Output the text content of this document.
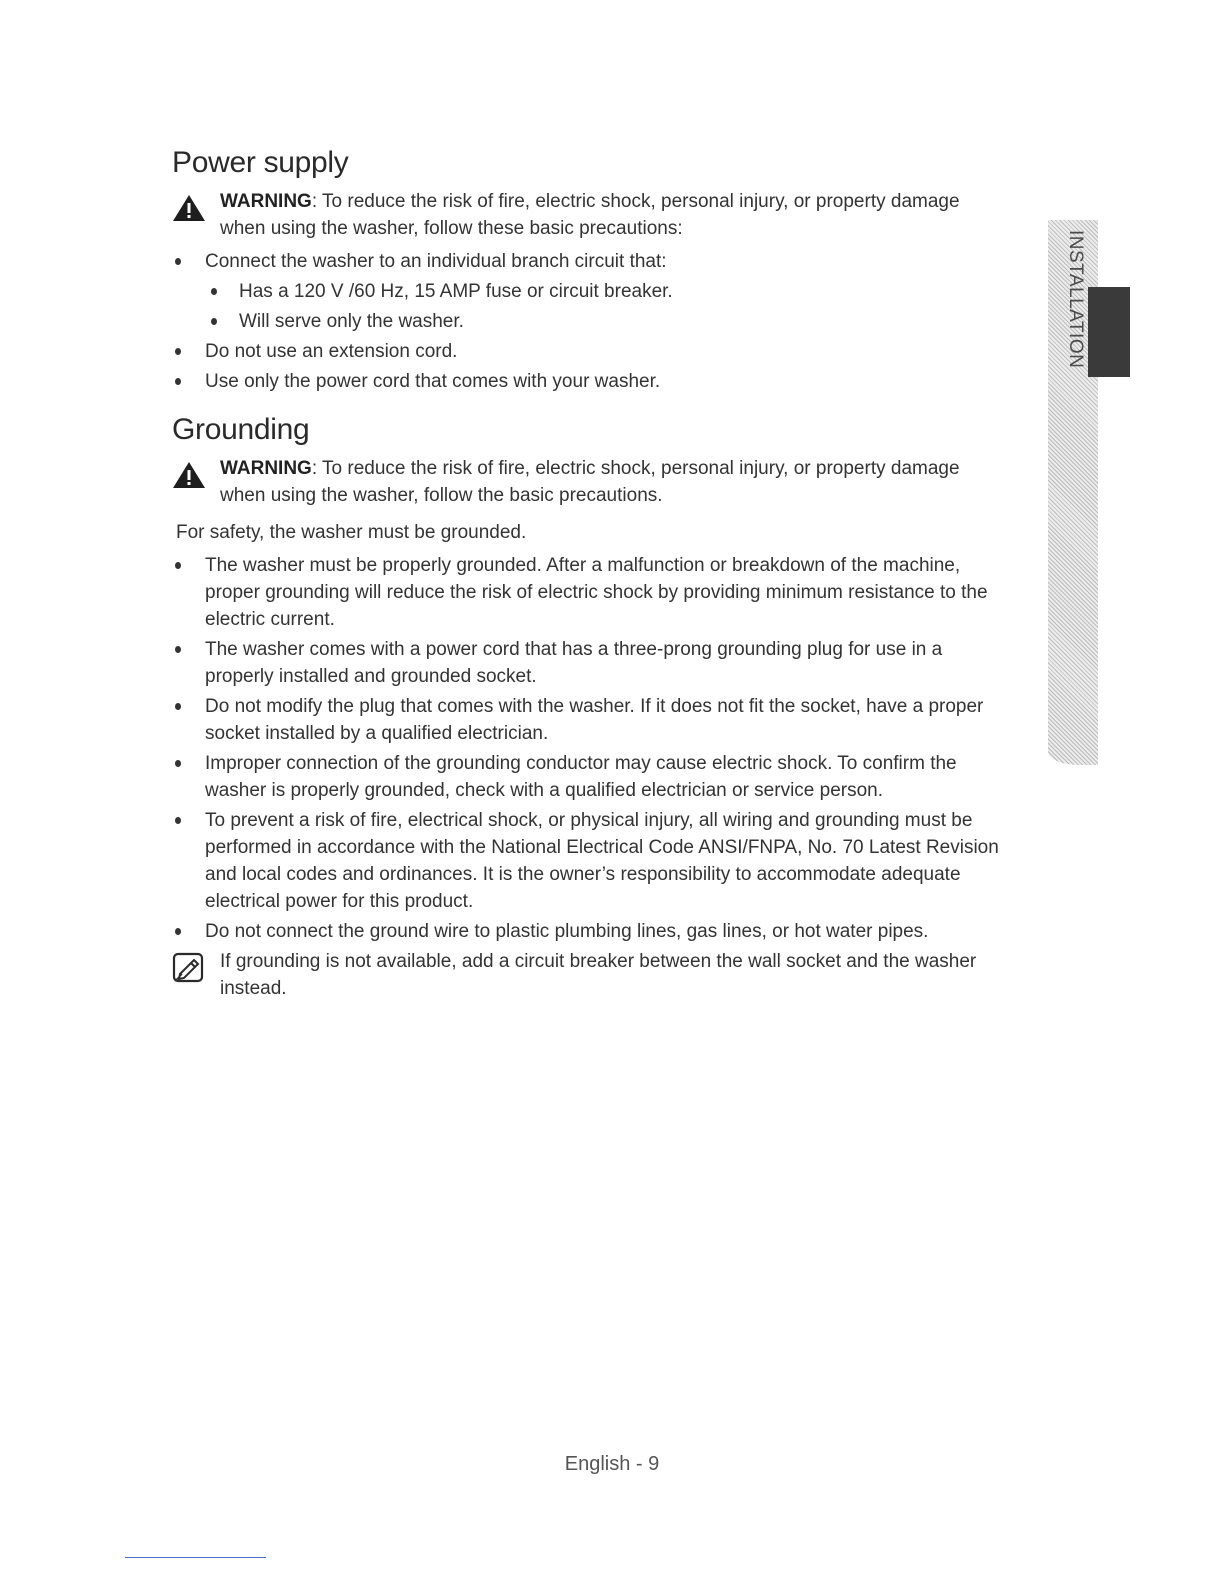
Power supply
WARNING: To reduce the risk of fire, electric shock, personal injury, or property damage when using the washer, follow these basic precautions:
Connect the washer to an individual branch circuit that:
Has a 120 V /60 Hz, 15 AMP fuse or circuit breaker.
Will serve only the washer.
Do not use an extension cord.
Use only the power cord that comes with your washer.
Grounding
WARNING: To reduce the risk of fire, electric shock, personal injury, or property damage when using the washer, follow the basic precautions.
For safety, the washer must be grounded.
The washer must be properly grounded. After a malfunction or breakdown of the machine, proper grounding will reduce the risk of electric shock by providing minimum resistance to the electric current.
The washer comes with a power cord that has a three-prong grounding plug for use in a properly installed and grounded socket.
Do not modify the plug that comes with the washer. If it does not fit the socket, have a proper socket installed by a qualified electrician.
Improper connection of the grounding conductor may cause electric shock. To confirm the washer is properly grounded, check with a qualified electrician or service person.
To prevent a risk of fire, electrical shock, or physical injury, all wiring and grounding must be performed in accordance with the National Electrical Code ANSI/FNPA, No. 70 Latest Revision and local codes and ordinances. It is the owner’s responsibility to accommodate adequate electrical power for this product.
Do not connect the ground wire to plastic plumbing lines, gas lines, or hot water pipes.
If grounding is not available, add a circuit breaker between the wall socket and the washer instead.
INSTALLATION
English - 9
